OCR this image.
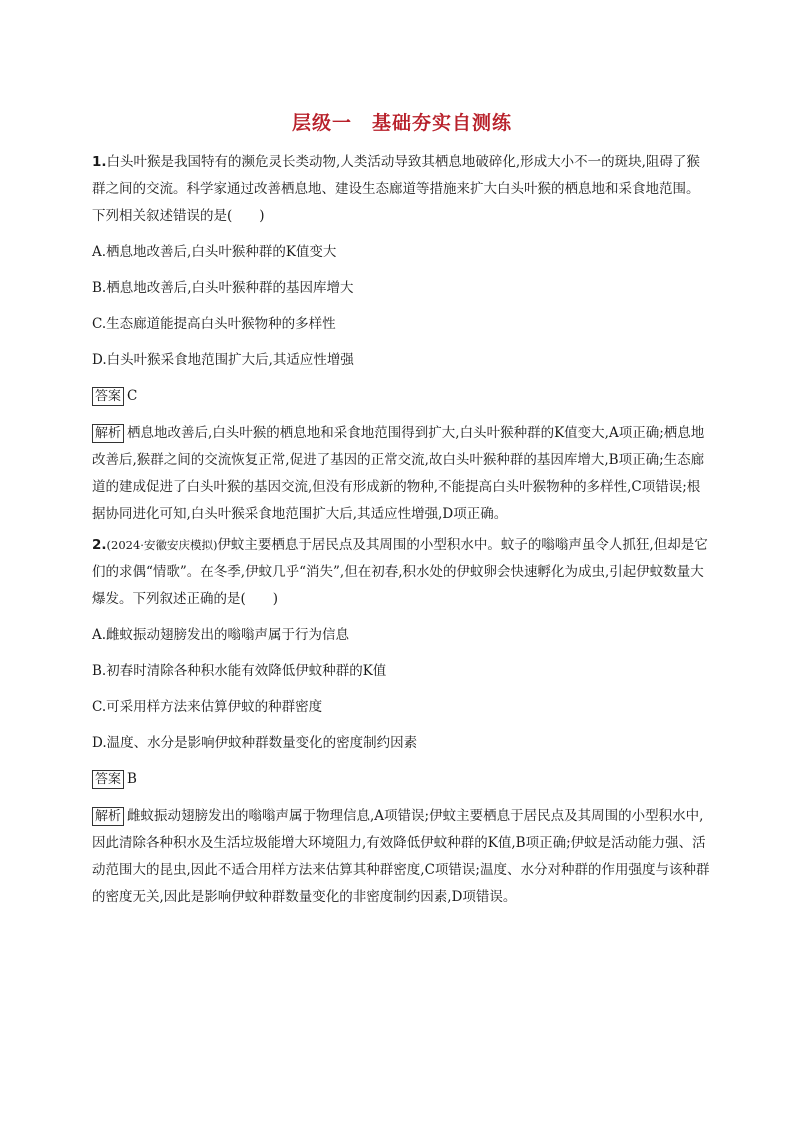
层级一　基础夯实自测练

1.白头叶猴是我国特有的濒危灵长类动物,人类活动导致其栖息地破碎化,形成大小不一的斑块,阻碍了猴群之间的交流。科学家通过改善栖息地、建设生态廊道等措施来扩大白头叶猴的栖息地和采食地范围。下列相关叙述错误的是(　　)

A.栖息地改善后,白头叶猴种群的K值变大

B.栖息地改善后,白头叶猴种群的基因库增大

C.生态廊道能提高白头叶猴物种的多样性

D.白头叶猴采食地范围扩大后,其适应性增强

答案 C

解析 栖息地改善后,白头叶猴的栖息地和采食地范围得到扩大,白头叶猴种群的K值变大,A项正确;栖息地改善后,猴群之间的交流恢复正常,促进了基因的正常交流,故白头叶猴种群的基因库增大,B项正确;生态廊道的建成促进了白头叶猴的基因交流,但没有形成新的物种,不能提高白头叶猴物种的多样性,C项错误;根据协同进化可知,白头叶猴采食地范围扩大后,其适应性增强,D项正确。

2.(2024·安徽安庆模拟)伊蚊主要栖息于居民点及其周围的小型积水中。蚊子的嗡嗡声虽令人抓狂,但却是它们的求偶“情歌”。在冬季,伊蚊几乎“消失”,但在初春,积水处的伊蚊卵会快速孵化为成虫,引起伊蚊数量大爆发。下列叙述正确的是(　　)

A.雌蚊振动翅膀发出的嗡嗡声属于行为信息

B.初春时清除各种积水能有效降低伊蚊种群的K值

C.可采用样方法来估算伊蚊的种群密度

D.温度、水分是影响伊蚊种群数量变化的密度制约因素

答案 B

解析 雌蚊振动翅膀发出的嗡嗡声属于物理信息,A项错误;伊蚊主要栖息于居民点及其周围的小型积水中,因此清除各种积水及生活垃圾能增大环境阻力,有效降低伊蚊种群的K值,B项正确;伊蚊是活动能力强、活动范围大的昆虫,因此不适合用样方法来估算其种群密度,C项错误;温度、水分对种群的作用强度与该种群的密度无关,因此是影响伊蚊种群数量变化的非密度制约因素,D项错误。
